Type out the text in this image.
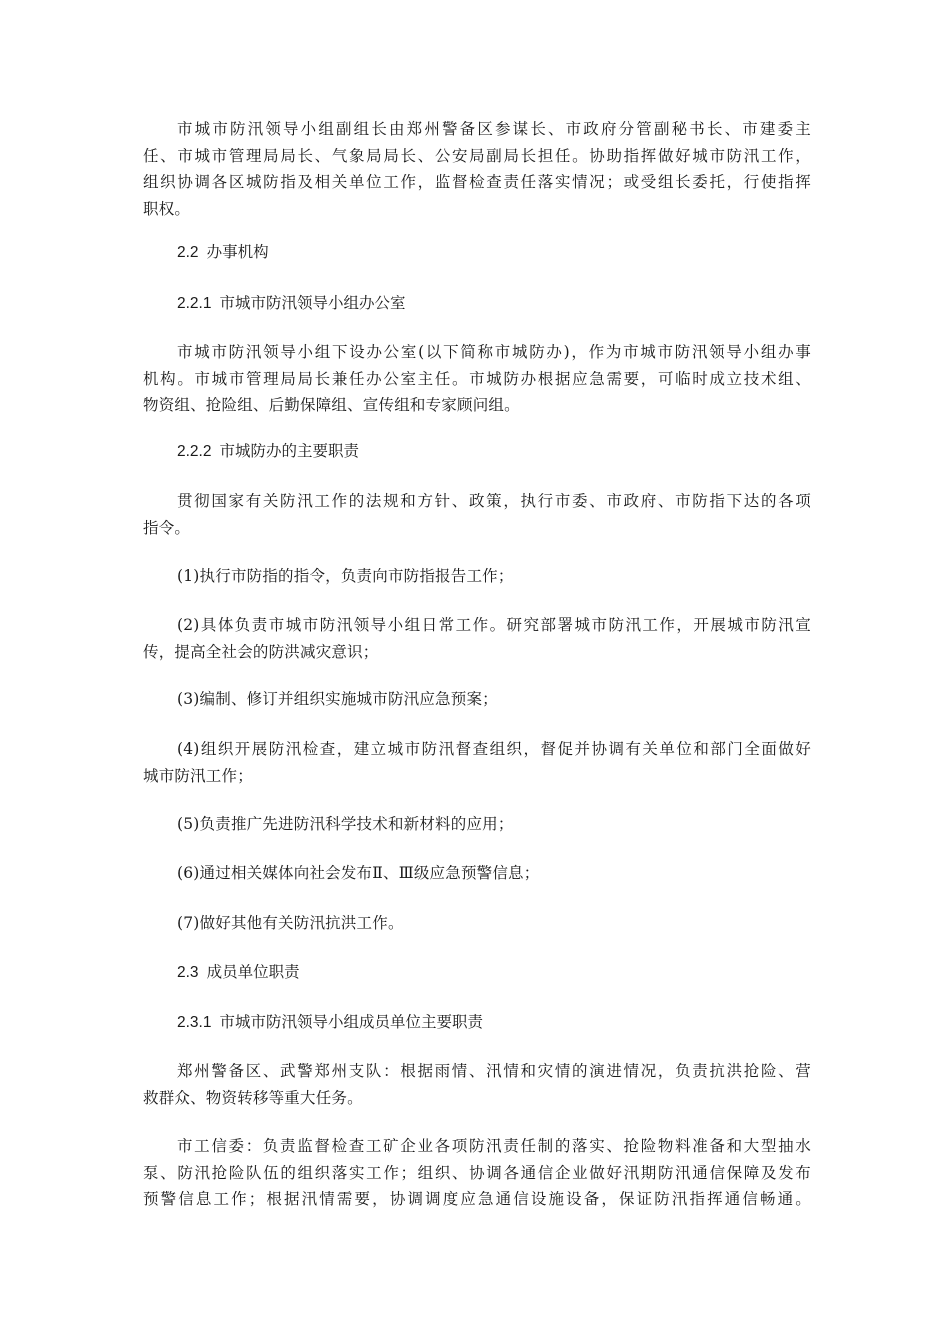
市城市防汛领导小组副组长由郑州警备区参谋长、市政府分管副秘书长、市建委主
任、市城市管理局局长、气象局局长、公安局副局长担任。协助指挥做好城市防汛工作，
组织协调各区城防指及相关单位工作，监督检查责任落实情况；或受组长委托，行使指挥
职权。

2.2 办事机构

2.2.1 市城市防汛领导小组办公室

市城市防汛领导小组下设办公室(以下简称市城防办)，作为市城市防汛领导小组办事
机构。市城市管理局局长兼任办公室主任。市城防办根据应急需要，可临时成立技术组、
物资组、抢险组、后勤保障组、宣传组和专家顾问组。

2.2.2 市城防办的主要职责

贯彻国家有关防汛工作的法规和方针、政策，执行市委、市政府、市防指下达的各项
指令。
(1)执行市防指的指令，负责向市防指报告工作；
(2)具体负责市城市防汛领导小组日常工作。研究部署城市防汛工作，开展城市防汛宣
传，提高全社会的防洪减灾意识；
(3)编制、修订并组织实施城市防汛应急预案；
(4)组织开展防汛检查，建立城市防汛督查组织，督促并协调有关单位和部门全面做好
城市防汛工作；
(5)负责推广先进防汛科学技术和新材料的应用；
(6)通过相关媒体向社会发布Ⅱ、Ⅲ级应急预警信息；
(7)做好其他有关防汛抗洪工作。

2.3 成员单位职责

2.3.1 市城市防汛领导小组成员单位主要职责

郑州警备区、武警郑州支队：根据雨情、汛情和灾情的演进情况，负责抗洪抢险、营
救群众、物资转移等重大任务。
市工信委：负责监督检查工矿企业各项防汛责任制的落实、抢险物料准备和大型抽水
泵、防汛抢险队伍的组织落实工作；组织、协调各通信企业做好汛期防汛通信保障及发布
预警信息工作；根据汛情需要，协调调度应急通信设施设备，保证防汛指挥通信畅通。
